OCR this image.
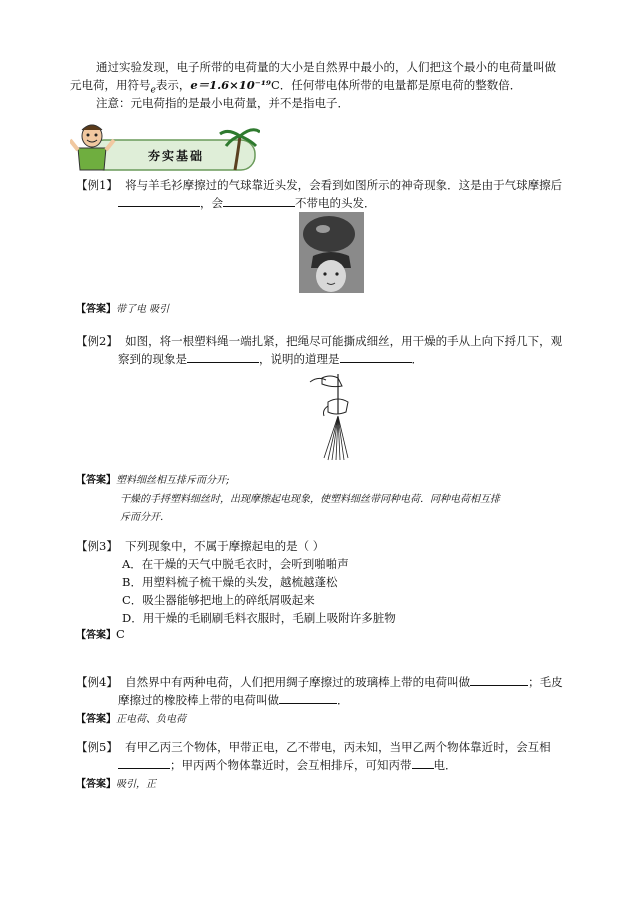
通过实验发现，电子所带的电荷量的大小是自然界中最小的，人们把这个最小的电荷量叫做
元电荷，用符号$_e$表示，e＝1.6×10⁻¹⁹C．任何带电体所带的电量都是原电荷的整数倍．
注意：元电荷指的是最小电荷量，并不是指电子．
夯实基础
【例1】 将与羊毛衫摩擦过的气球靠近头发，会看到如图所示的神奇现象．这是由于气球摩擦后
，会	不带电的头发．
【答案】带了电 吸引
【例2】 如图，将一根塑料绳一端扎紧，把绳尽可能撕成细丝，用干燥的手从上向下捋几下，观
察到的现象是	，说明的道理是	．
【答案】塑料细丝相互排斥而分开;
干燥的手捋塑料细丝时，出现摩擦起电现象，使塑料细丝带同种电荷．同种电荷相互排
斥而分开．
【例3】 下列现象中，不属于摩擦起电的是（ ）
A．在干燥的天气中脱毛衣时，会听到啪啪声
B．用塑料梳子梳干燥的头发，越梳越蓬松
C．吸尘器能够把地上的碎纸屑吸起来
D．用干燥的毛刷刷毛料衣服时，毛刷上吸附许多脏物
【答案】C
【例4】 自然界中有两种电荷，人们把用绸子摩擦过的玻璃棒上带的电荷叫做	；毛皮
摩擦过的橡胶棒上带的电荷叫做	．
【答案】正电荷、负电荷
【例5】 有甲乙丙三个物体，甲带正电，乙不带电，丙未知，当甲乙两个物体靠近时，会互相
；甲丙两个物体靠近时，会互相排斥，可知丙带 电．
【答案】吸引，正
